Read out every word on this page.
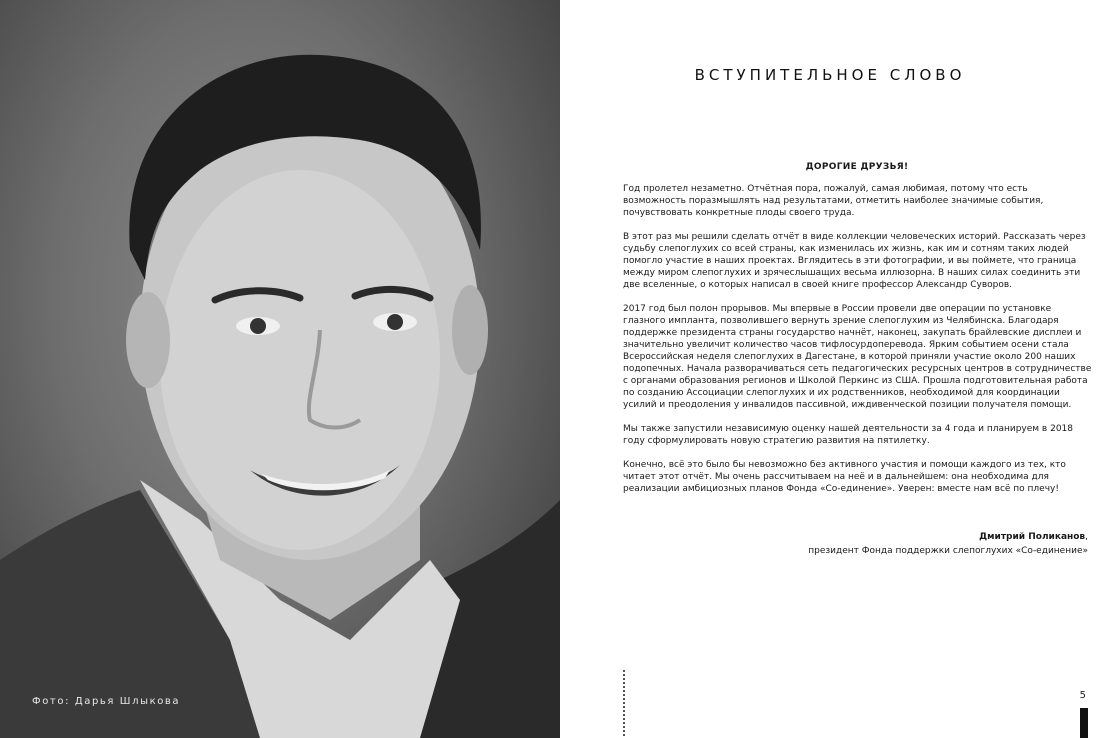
Фото: Дарья Шлыкова
ВСТУПИТЕЛЬНОЕ СЛОВО
ДОРОГИЕ ДРУЗЬЯ!

Год пролетел незаметно. Отчётная пора, пожалуй, самая любимая, потому что есть возможность поразмышлять над результатами, отметить наиболее значимые события, почувствовать конкретные плоды своего труда.

В этот раз мы решили сделать отчёт в виде коллекции человеческих историй. Рассказать через судьбу слепоглухих со всей страны, как изменилась их жизнь, как им и сотням таких людей помогло участие в наших проектах. Вглядитесь в эти фотографии, и вы поймете, что граница между миром слепоглухих и зрячеслышащих весьма иллюзорна. В наших силах соединить эти две вселенные, о которых написал в своей книге профессор Александр Суворов.

2017 год был полон прорывов. Мы впервые в России провели две операции по установке глазного импланта, позволившего вернуть зрение слепоглухим из Челябинска. Благодаря поддержке президента страны государство начнёт, наконец, закупать брайлевские дисплеи и значительно увеличит количество часов тифлосурдоперевода. Ярким событием осени стала Всероссийская неделя слепоглухих в Дагестане, в которой приняли участие около 200 наших подопечных. Начала разворачиваться сеть педагогических ресурсных центров в сотрудничестве с органами образования регионов и Школой Перкинс из США. Прошла подготовительная работа по созданию Ассоциации слепоглухих и их родственников, необходимой для координации усилий и преодоления у инвалидов пассивной, иждивенческой позиции получателя помощи.

Мы также запустили независимую оценку нашей деятельности за 4 года и планируем в 2018 году сформулировать новую стратегию развития на пятилетку.

Конечно, всё это было бы невозможно без активного участия и помощи каждого из тех, кто читает этот отчёт. Мы очень рассчитываем на неё и в дальнейшем: она необходима для реализации амбициозных планов Фонда «Со-единение». Уверен: вместе нам всё по плечу!

Дмитрий Поликанов,
президент Фонда поддержки слепоглухих «Со-единение»
5
